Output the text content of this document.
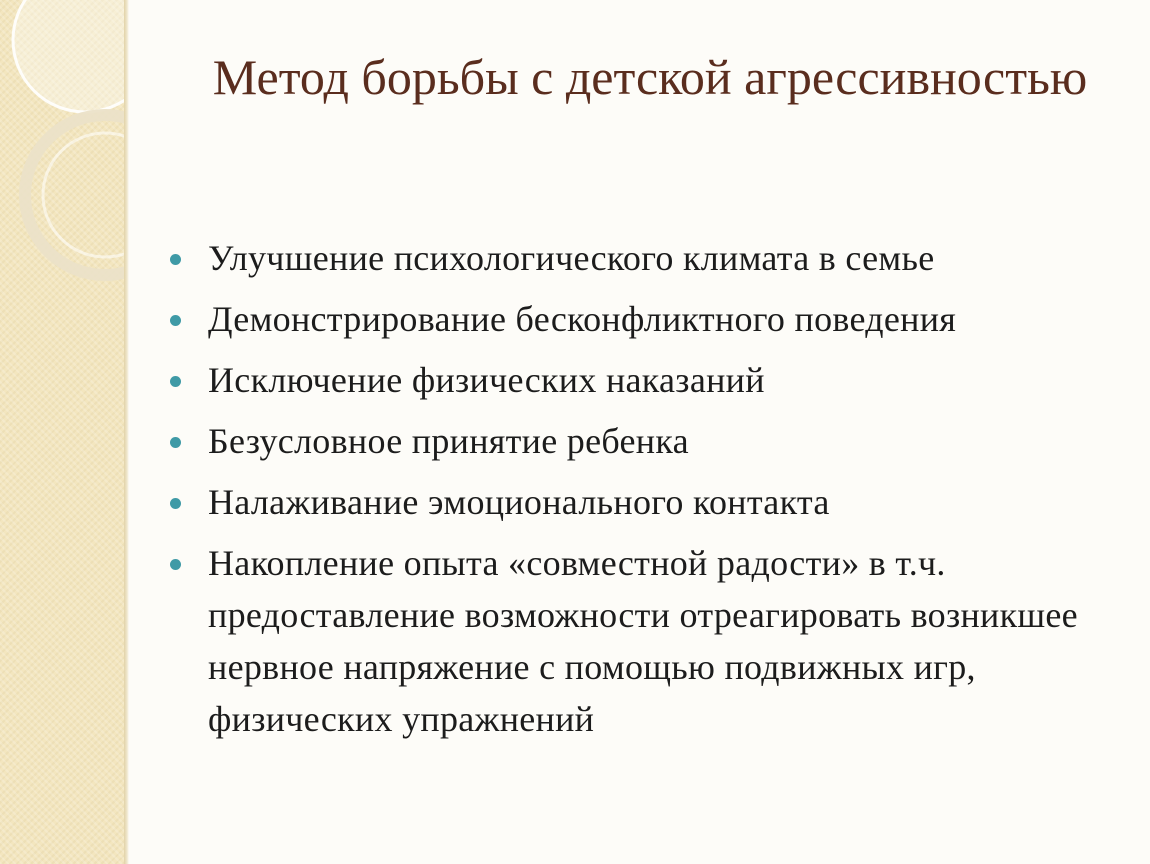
Метод борьбы с детской агрессивностью
Улучшение психологического климата в семье
Демонстрирование бесконфликтного поведения
Исключение физических наказаний
Безусловное принятие ребенка
Налаживание эмоционального контакта
Накопление опыта «совместной радости» в т.ч. предоставление возможности отреагировать возникшее нервное напряжение с помощью подвижных игр, физических упражнений
